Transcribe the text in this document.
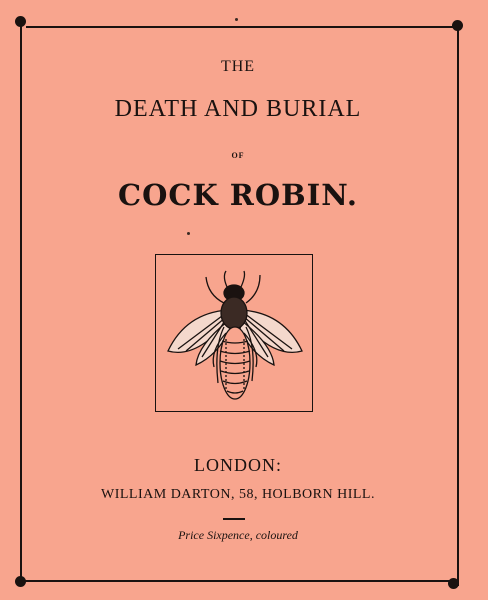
THE
DEATH AND BURIAL
OF
COCK ROBIN.
LONDON:
WILLIAM DARTON, 58, HOLBORN HILL.
Price Sixpence, coloured
